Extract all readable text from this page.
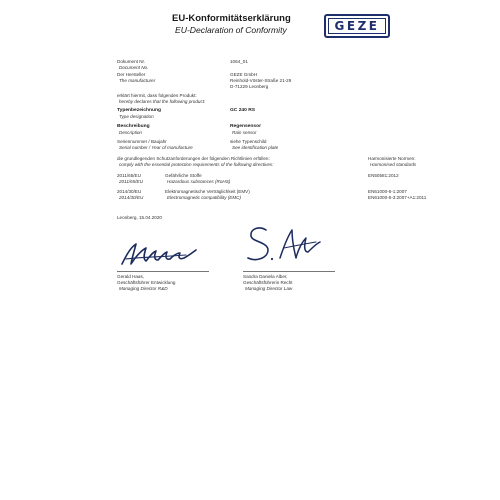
EU-Konformitätserklärung
EU-Declaration of Conformity	GEZE
Dokument Nr.
Document No.
1064_01
Der Hersteller
The manufacturer
GEZE GmbH
Reinhold-Vöster-Straße 21-29
D-71229 Leonberg
erklärt hiermit, dass folgendes Produkt:
hereby declares that the following product:
Typenbezeichnung
Type designation
GC 240 RS
Beschreibung
Description
Regensensor
Rain sensor
Seriennummer / Baujahr
Serial number / Year of manufacture
siehe Typenschild
See identification plate
die grundlegenden Schutzanforderungen der folgenden Richtlinien erfüllen:
comply with the essential protection requirements of the following directives:
Harmonisierte Normen:
Harmonised standards
2011/65/EU
2011/65/EU
Gefährliche Stoffe
Hazardous substances (RoHS)
EN50581:2012
2014/30/EU
2014/30/EU
Elektromagnetische Verträglichkeit (EMV)
Electromagnetic compatibility (EMC)
EN61000-6-1:2007
EN61000-6-3:2007+A1:2011
Leonberg, 15.04.2020
Gerald Haas,
Geschäftsführer Entwicklung
Managing Director R&D
Sandra Daniela Alber,
Geschäftsführerin Recht
Managing Director Law
